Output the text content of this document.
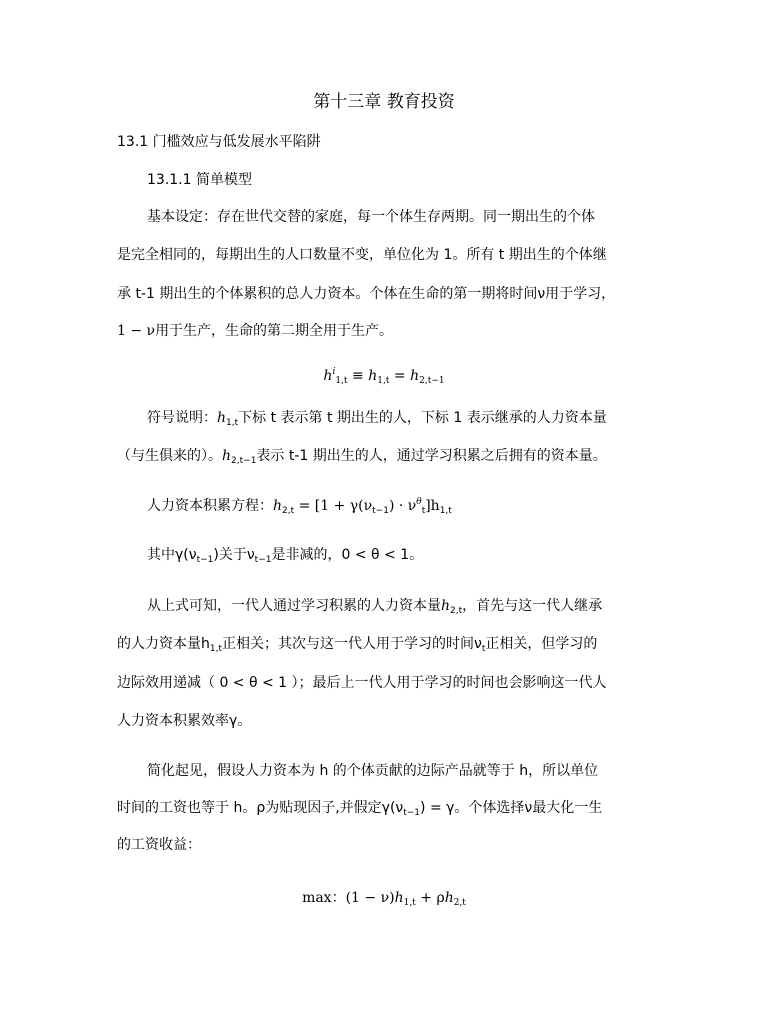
第十三章 教育投资
13.1 门槛效应与低发展水平陷阱
13.1.1 简单模型
基本设定：存在世代交替的家庭，每一个体生存两期。同一期出生的个体
是完全相同的，每期出生的人口数量不变，单位化为 1。所有 t 期出生的个体继
承 t-1 期出生的个体累积的总人力资本。个体在生命的第一期将时间ν用于学习，
1 − ν用于生产，生命的第二期全用于生产。
$h^i_{1,t} \equiv h_{1,t} = h_{2,t-1}$
符号说明：$h_{1,t}$下标 t 表示第 t 期出生的人，下标 1 表示继承的人力资本量
（与生俱来的）。$h_{2,t-1}$表示 t-1 期出生的人，通过学习积累之后拥有的资本量。
人力资本积累方程：$h_{2,t} = [1 + \gamma(\nu_{t-1}) \cdot \nu^\theta_t]h_{1,t}$
其中$\gamma(\nu_{t-1})$关于$\nu_{t-1}$是非减的，0 < θ < 1。
从上式可知，一代人通过学习积累的人力资本量$h_{2,t}$，首先与这一代人继承
的人力资本量$h_{1,t}$正相关；其次与这一代人用于学习的时间$\nu_t$正相关，但学习的
边际效用递减（ 0 < θ < 1 ）；最后上一代人用于学习的时间也会影响这一代人
人力资本积累效率γ。
简化起见，假设人力资本为 h 的个体贡献的边际产品就等于 h，所以单位
时间的工资也等于 h。ρ为贴现因子,并假定$\gamma(\nu_{t-1}) = \gamma$。个体选择ν最大化一生
的工资收益：
max：$(1 - \nu)h_{1,t} + \rho h_{2,t}$
